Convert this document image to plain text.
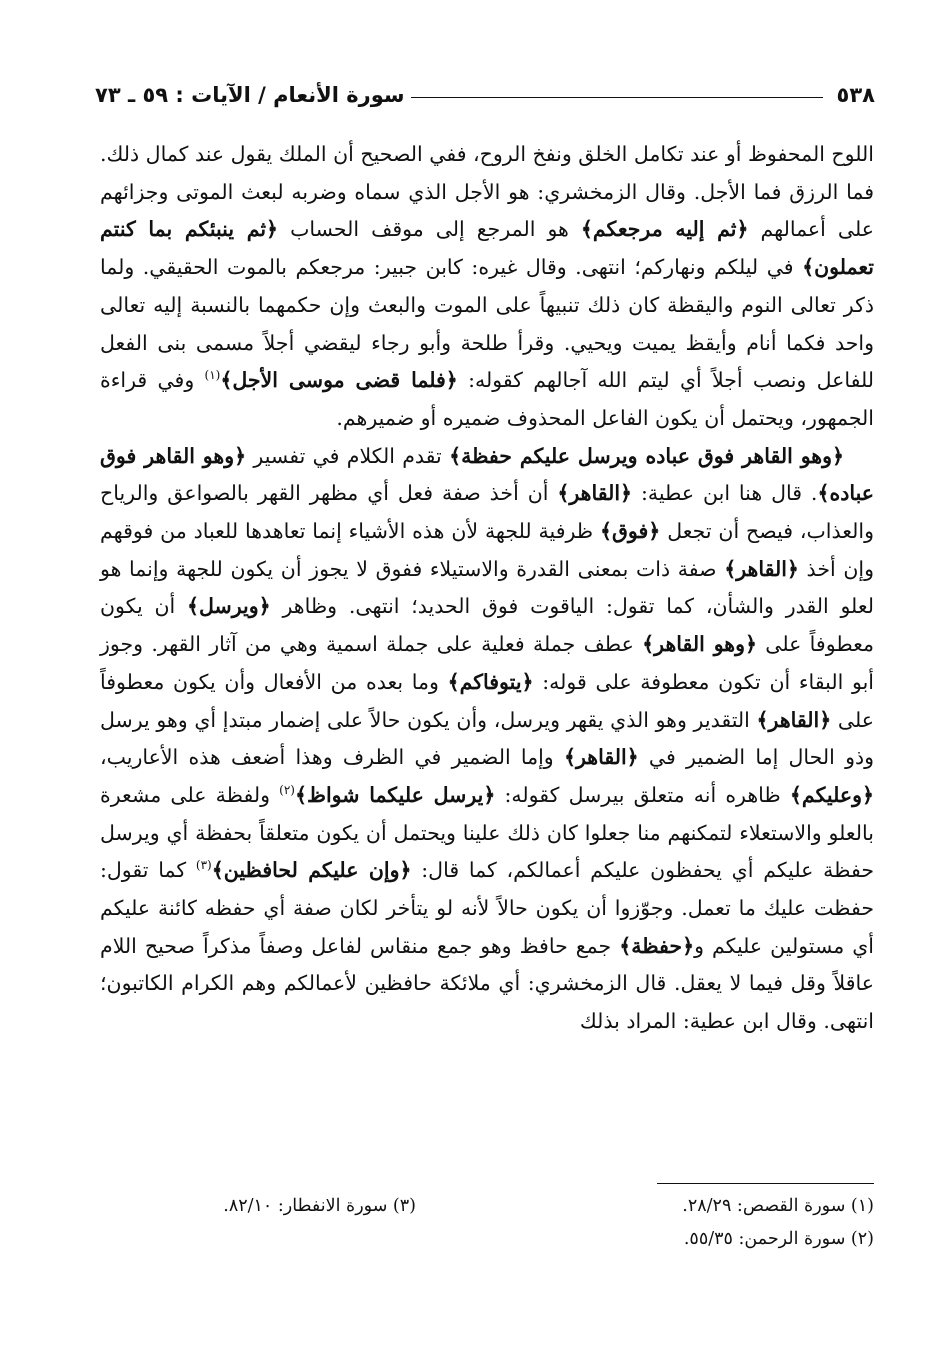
٥٣٨
سورة الأنعام / الآيات : ٥٩ ـ ٧٣

اللوح المحفوظ أو عند تكامل الخلق ونفخ الروح، ففي الصحيح أن الملك يقول عند كمال ذلك. فما الرزق فما الأجل. وقال الزمخشري: هو الأجل الذي سماه وضربه لبعث الموتى وجزائهم على أعمالهم ﴿ثم إليه مرجعكم﴾ هو المرجع إلى موقف الحساب ﴿ثم ينبئكم بما كنتم تعملون﴾ في ليلكم ونهاركم؛ انتهى. وقال غيره: كابن جبير: مرجعكم بالموت الحقيقي. ولما ذكر تعالى النوم واليقظة كان ذلك تنبيهاً على الموت والبعث وإن حكمهما بالنسبة إليه تعالى واحد فكما أنام وأيقظ يميت ويحيي. وقرأ طلحة وأبو رجاء ليقضي أجلاً مسمى بنى الفعل للفاعل ونصب أجلاً أي ليتم الله آجالهم كقوله: ﴿فلما قضى موسى الأجل﴾$^{(١)}$ وفي قراءة الجمهور، ويحتمل أن يكون الفاعل المحذوف ضميره أو ضميرهم.

﴿وهو القاهر فوق عباده ويرسل عليكم حفظة﴾ تقدم الكلام في تفسير ﴿وهو القاهر فوق عباده﴾. قال هنا ابن عطية: ﴿القاهر﴾ أن أخذ صفة فعل أي مظهر القهر بالصواعق والرياح والعذاب، فيصح أن تجعل ﴿فوق﴾ ظرفية للجهة لأن هذه الأشياء إنما تعاهدها للعباد من فوقهم وإن أخذ ﴿القاهر﴾ صفة ذات بمعنى القدرة والاستيلاء ففوق لا يجوز أن يكون للجهة وإنما هو لعلو القدر والشأن، كما تقول: الياقوت فوق الحديد؛ انتهى. وظاهر ﴿ويرسل﴾ أن يكون معطوفاً على ﴿وهو القاهر﴾ عطف جملة فعلية على جملة اسمية وهي من آثار القهر. وجوز أبو البقاء أن تكون معطوفة على قوله: ﴿يتوفاكم﴾ وما بعده من الأفعال وأن يكون معطوفاً على ﴿القاهر﴾ التقدير وهو الذي يقهر ويرسل، وأن يكون حالاً على إضمار مبتدإ أي وهو يرسل وذو الحال إما الضمير في ﴿القاهر﴾ وإما الضمير في الظرف وهذا أضعف هذه الأعاريب، ﴿وعليكم﴾ ظاهره أنه متعلق بيرسل كقوله: ﴿يرسل عليكما شواظ﴾$^{(٢)}$ ولفظة على مشعرة بالعلو والاستعلاء لتمكنهم منا جعلوا كان ذلك علينا ويحتمل أن يكون متعلقاً بحفظة أي ويرسل حفظة عليكم أي يحفظون عليكم أعمالكم، كما قال: ﴿وإن عليكم لحافظين﴾$^{(٣)}$ كما تقول: حفظت عليك ما تعمل. وجوّزوا أن يكون حالاً لأنه لو يتأخر لكان صفة أي حفظه كائنة عليكم أي مستولين عليكم و﴿حفظة﴾ جمع حافظ وهو جمع منقاس لفاعل وصفاً مذكراً صحيح اللام عاقلاً وقل فيما لا يعقل. قال الزمخشري: أي ملائكة حافظين لأعمالكم وهم الكرام الكاتبون؛ انتهى. وقال ابن عطية: المراد بذلك

(١) سورة القصص: ٢٨/٢٩.
(٢) سورة الرحمن: ٥٥/٣٥.
(٣) سورة الانفطار: ٨٢/١٠.
